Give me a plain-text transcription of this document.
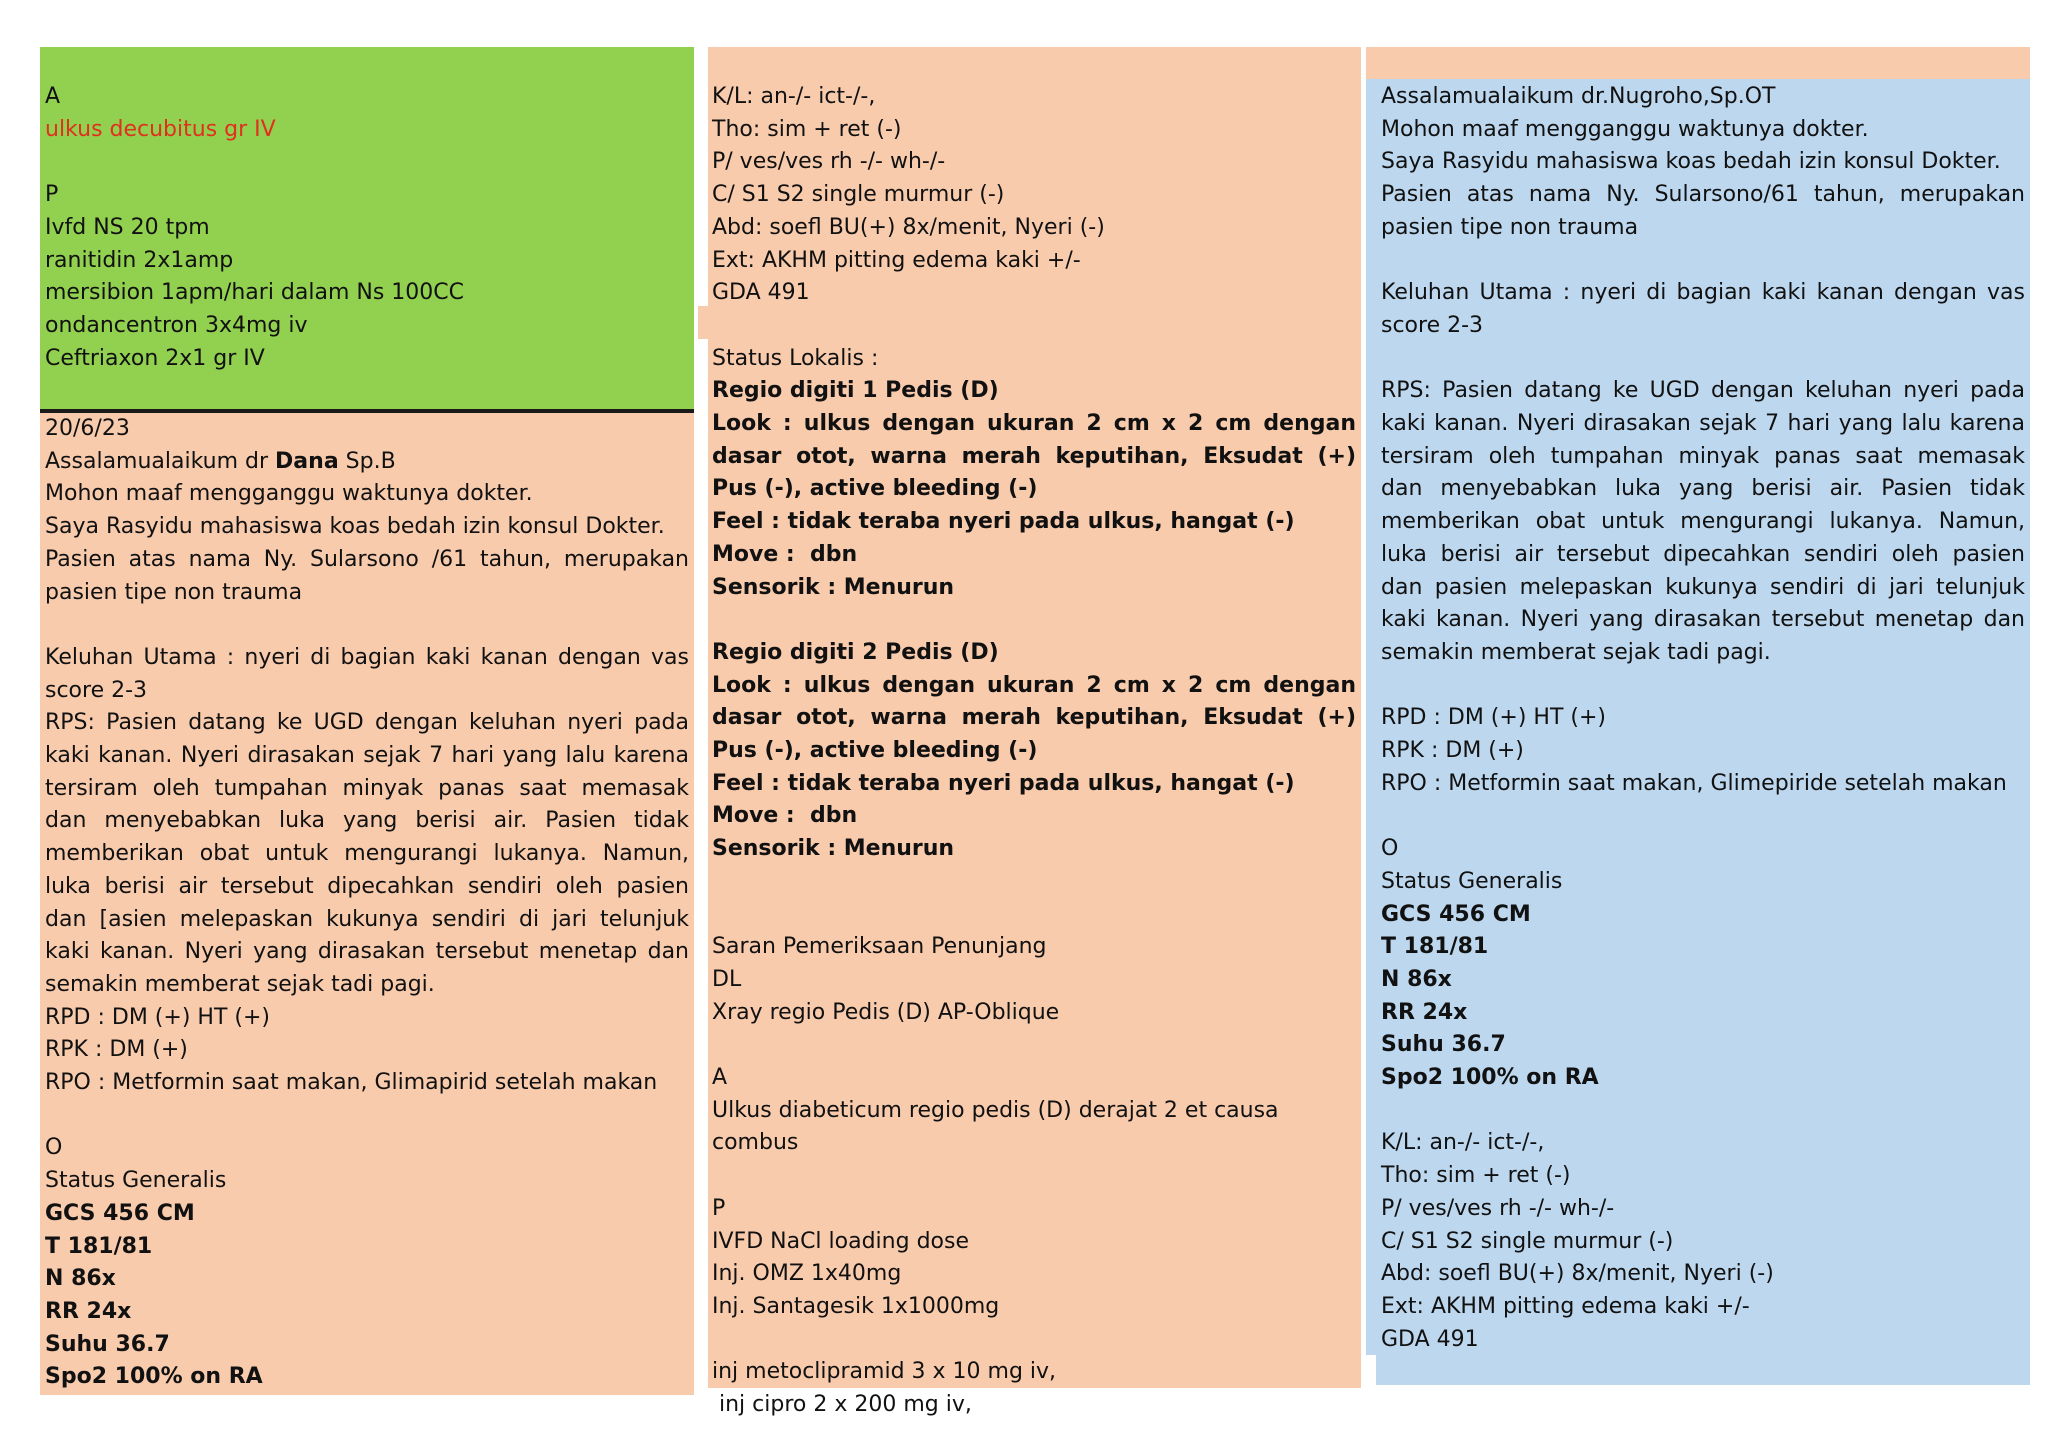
A
ulkus decubitus gr IV
P
Ivfd NS 20 tpm
ranitidin 2x1amp
mersibion 1apm/hari dalam Ns 100CC
ondancentron 3x4mg iv
Ceftriaxon 2x1 gr IV
20/6/23
Assalamualaikum dr Dana Sp.B
Mohon maaf mengganggu waktunya dokter.
Saya Rasyidu mahasiswa koas bedah izin konsul Dokter.
Pasien atas nama Ny. Sularsono /61 tahun, merupakan pasien tipe non trauma
Keluhan Utama : nyeri di bagian kaki kanan dengan vas score 2-3
RPS: Pasien datang ke UGD dengan keluhan nyeri pada kaki kanan. Nyeri dirasakan sejak 7 hari yang lalu karena tersiram oleh tumpahan minyak panas saat memasak dan menyebabkan luka yang berisi air. Pasien tidak memberikan obat untuk mengurangi lukanya. Namun, luka berisi air tersebut dipecahkan sendiri oleh pasien dan [asien melepaskan kukunya sendiri di jari telunjuk kaki kanan. Nyeri yang dirasakan tersebut menetap dan semakin memberat sejak tadi pagi.
RPD : DM (+) HT (+)
RPK : DM (+)
RPO : Metformin saat makan, Glimapirid setelah makan
O
Status Generalis
GCS 456 CM
T 181/81
N 86x
RR 24x
Suhu 36.7
Spo2 100% on RA
K/L: an-/- ict-/-,
Tho: sim + ret (-)
P/ ves/ves rh -/- wh-/-
C/ S1 S2 single murmur (-)
Abd: soefl BU(+) 8x/menit, Nyeri (-)
Ext: AKHM pitting edema kaki +/-
GDA 491
Status Lokalis :
Regio digiti 1 Pedis (D)
Look : ulkus dengan ukuran 2 cm x 2 cm dengan dasar otot, warna merah keputihan, Eksudat (+) Pus (-), active bleeding (-)
Feel : tidak teraba nyeri pada ulkus, hangat (-)
Move :  dbn
Sensorik : Menurun
Regio digiti 2 Pedis (D)
Look : ulkus dengan ukuran 2 cm x 2 cm dengan dasar otot, warna merah keputihan, Eksudat (+) Pus (-), active bleeding (-)
Feel : tidak teraba nyeri pada ulkus, hangat (-)
Move :  dbn
Sensorik : Menurun
Saran Pemeriksaan Penunjang
DL
Xray regio Pedis (D) AP-Oblique
A
Ulkus diabeticum regio pedis (D) derajat 2 et causa combus
P
IVFD NaCl loading dose
Inj. OMZ 1x40mg
Inj. Santagesik 1x1000mg
inj metoclipramid 3 x 10 mg iv,
inj cipro 2 x 200 mg iv,
Assalamualaikum dr.Nugroho,Sp.OT
Mohon maaf mengganggu waktunya dokter.
Saya Rasyidu mahasiswa koas bedah izin konsul Dokter.
Pasien atas nama Ny. Sularsono/61 tahun, merupakan pasien tipe non trauma
Keluhan Utama : nyeri di bagian kaki kanan dengan vas score 2-3
RPS: Pasien datang ke UGD dengan keluhan nyeri pada kaki kanan. Nyeri dirasakan sejak 7 hari yang lalu karena tersiram oleh tumpahan minyak panas saat memasak dan menyebabkan luka yang berisi air. Pasien tidak memberikan obat untuk mengurangi lukanya. Namun, luka berisi air tersebut dipecahkan sendiri oleh pasien dan pasien melepaskan kukunya sendiri di jari telunjuk kaki kanan. Nyeri yang dirasakan tersebut menetap dan semakin memberat sejak tadi pagi.
RPD : DM (+) HT (+)
RPK : DM (+)
RPO : Metformin saat makan, Glimepiride setelah makan
O
Status Generalis
GCS 456 CM
T 181/81
N 86x
RR 24x
Suhu 36.7
Spo2 100% on RA
K/L: an-/- ict-/-,
Tho: sim + ret (-)
P/ ves/ves rh -/- wh-/-
C/ S1 S2 single murmur (-)
Abd: soefl BU(+) 8x/menit, Nyeri (-)
Ext: AKHM pitting edema kaki +/-
GDA 491
